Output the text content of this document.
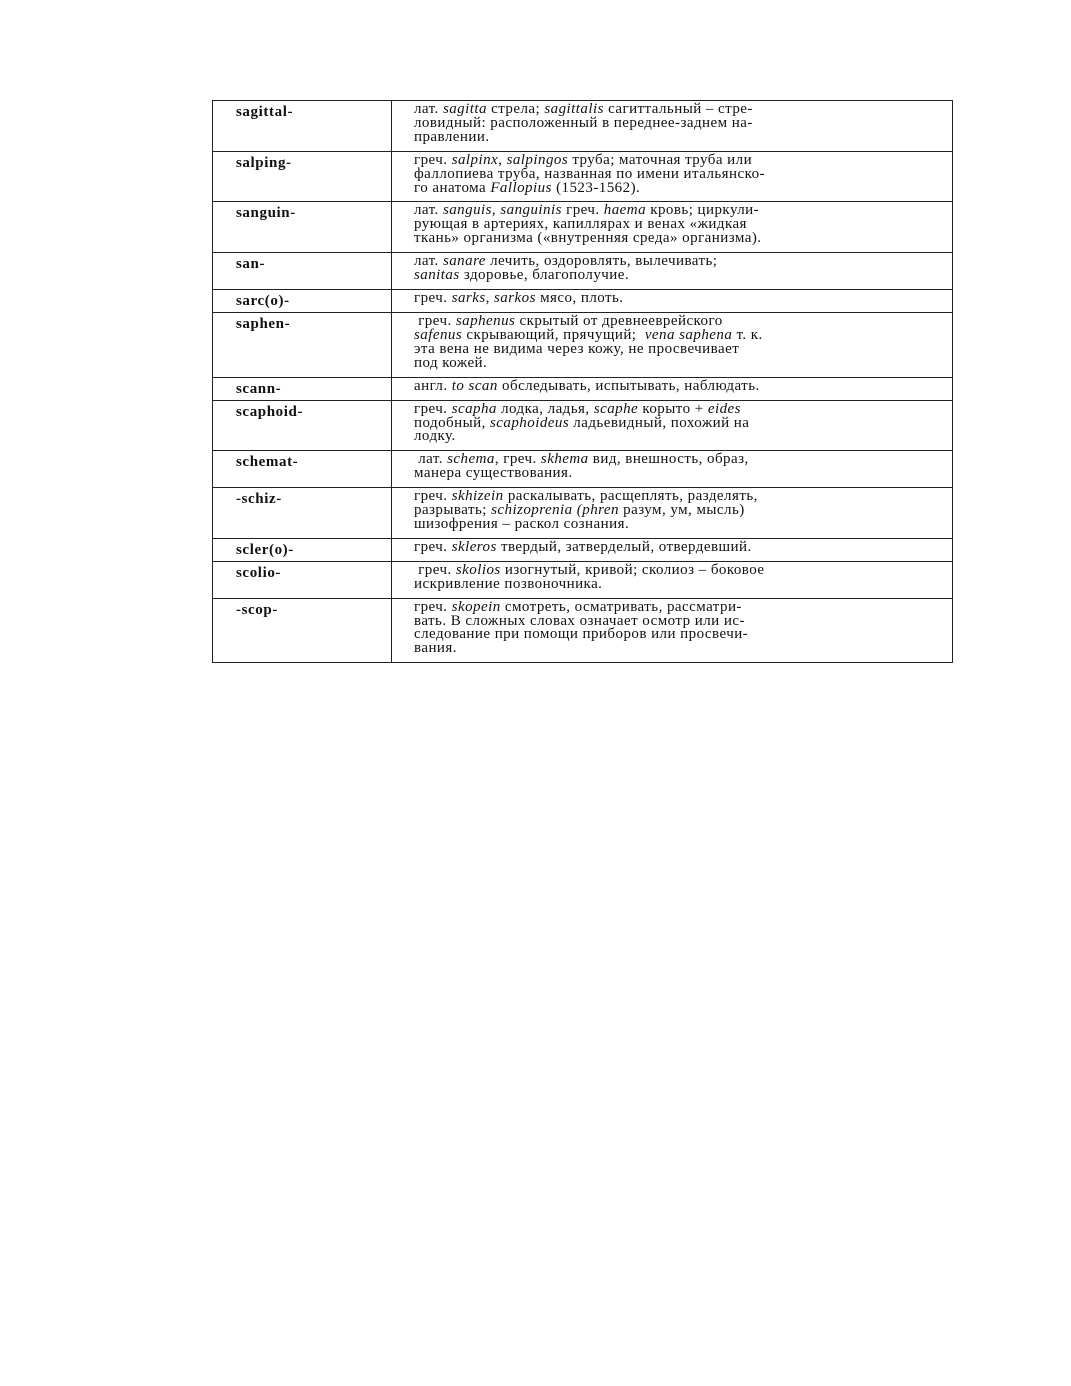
sagittal-	лат. sagitta стрела; sagittalis сагиттальный – стре-
ловидный: расположенный в переднее-заднем на-
правлении.

salping-	греч. salpinx, salpingos труба; маточная труба или
фаллопиева труба, названная по имени итальянско-
го анатома Fallopius (1523-1562).

sanguin-	лат. sanguis, sanguinis греч. haema кровь; циркули-
рующая в артериях, капиллярах и венах «жидкая
ткань» организма («внутренняя среда» организма).

san-	лат. sanare лечить, оздоровлять, вылечивать;
sanitas здоровье, благополучие.

sarc(o)-	греч. sarks, sarkos мясо, плоть.

saphen-	греч. saphenus скрытый от древнееврейского
safenus скрывающий, прячущий;  vena saphena т. к.
эта вена не видима через кожу, не просвечивает
под кожей.

scann-	англ. to scan обследывать, испытывать, наблюдать.

scaphoid-	греч. scapha лодка, ладья, scaphe корыто + eides
подобный, scaphoideus ладьевидный, похожий на
лодку.

schemat-	лат. schema, греч. skhema вид, внешность, образ,
манера существования.

-schiz-	греч. skhizein раскалывать, расщеплять, разделять,
разрывать; schizoprenia (phren разум, ум, мысль)
шизофрения – раскол сознания.

scler(o)-	греч. skleros твердый, затверделый, отвердевший.

scolio-	греч. skolios изогнутый, кривой; сколиоз – боковое
искривление позвоночника.

-scop-	греч. skopein смотреть, осматривать, рассматри-
вать. В сложных словах означает осмотр или ис-
следование при помощи приборов или просвечи-
вания.
